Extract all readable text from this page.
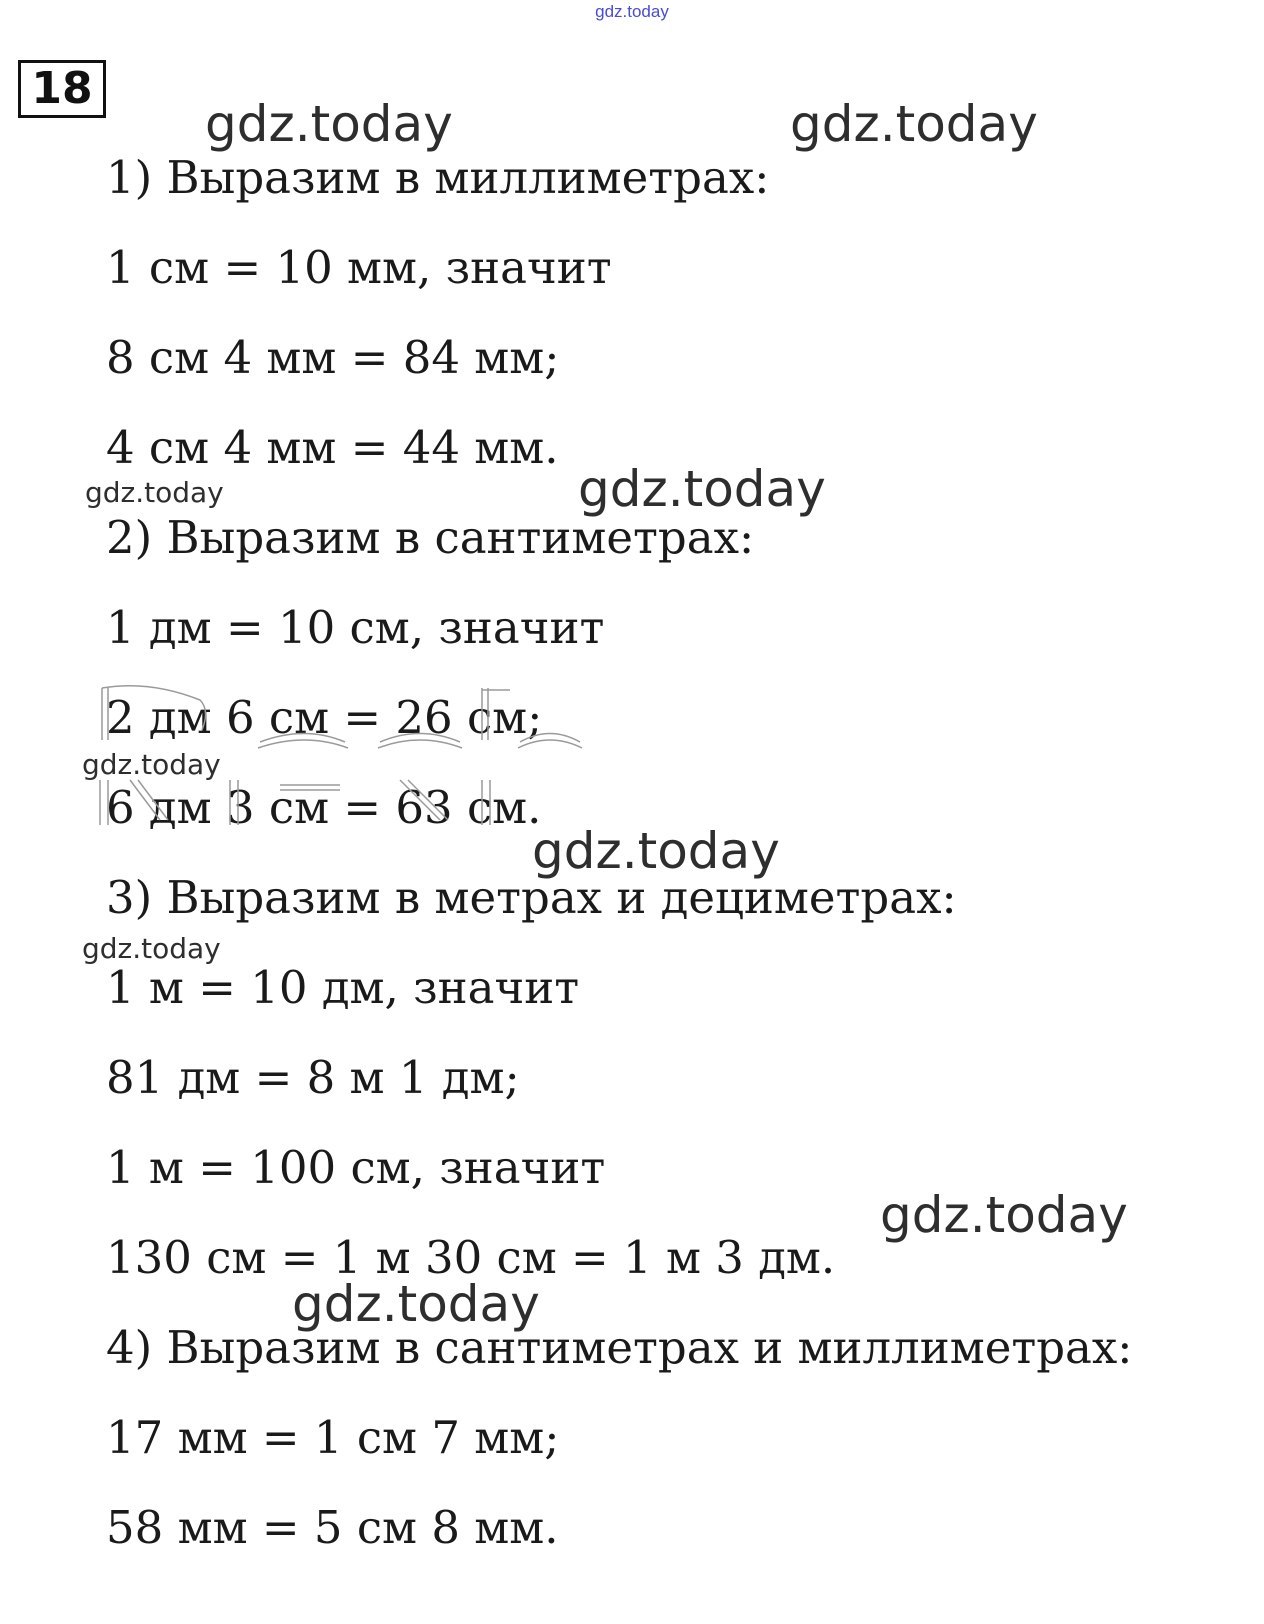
gdz.today
18
1) Выразим в миллиметрах:
1 см = 10 мм, значит
8 см 4 мм = 84 мм;
4 см 4 мм = 44 мм.
2) Выразим в сантиметрах:
1 дм = 10 см, значит
2 дм 6 см = 26 см;
6 дм 3 см = 63 см.
3) Выразим в метрах и дециметрах:
1 м = 10 дм, значит
81 дм = 8 м 1 дм;
1 м = 100 см, значит
130 см = 1 м 30 см = 1 м 3 дм.
4) Выразим в сантиметрах и миллиметрах:
17 мм = 1 см 7 мм;
58 мм = 5 см 8 мм.
gdz.today	gdz.today
gdz.today	gdz.today
gdz.today
gdz.today
gdz.today
gdz.today
gdz.today
